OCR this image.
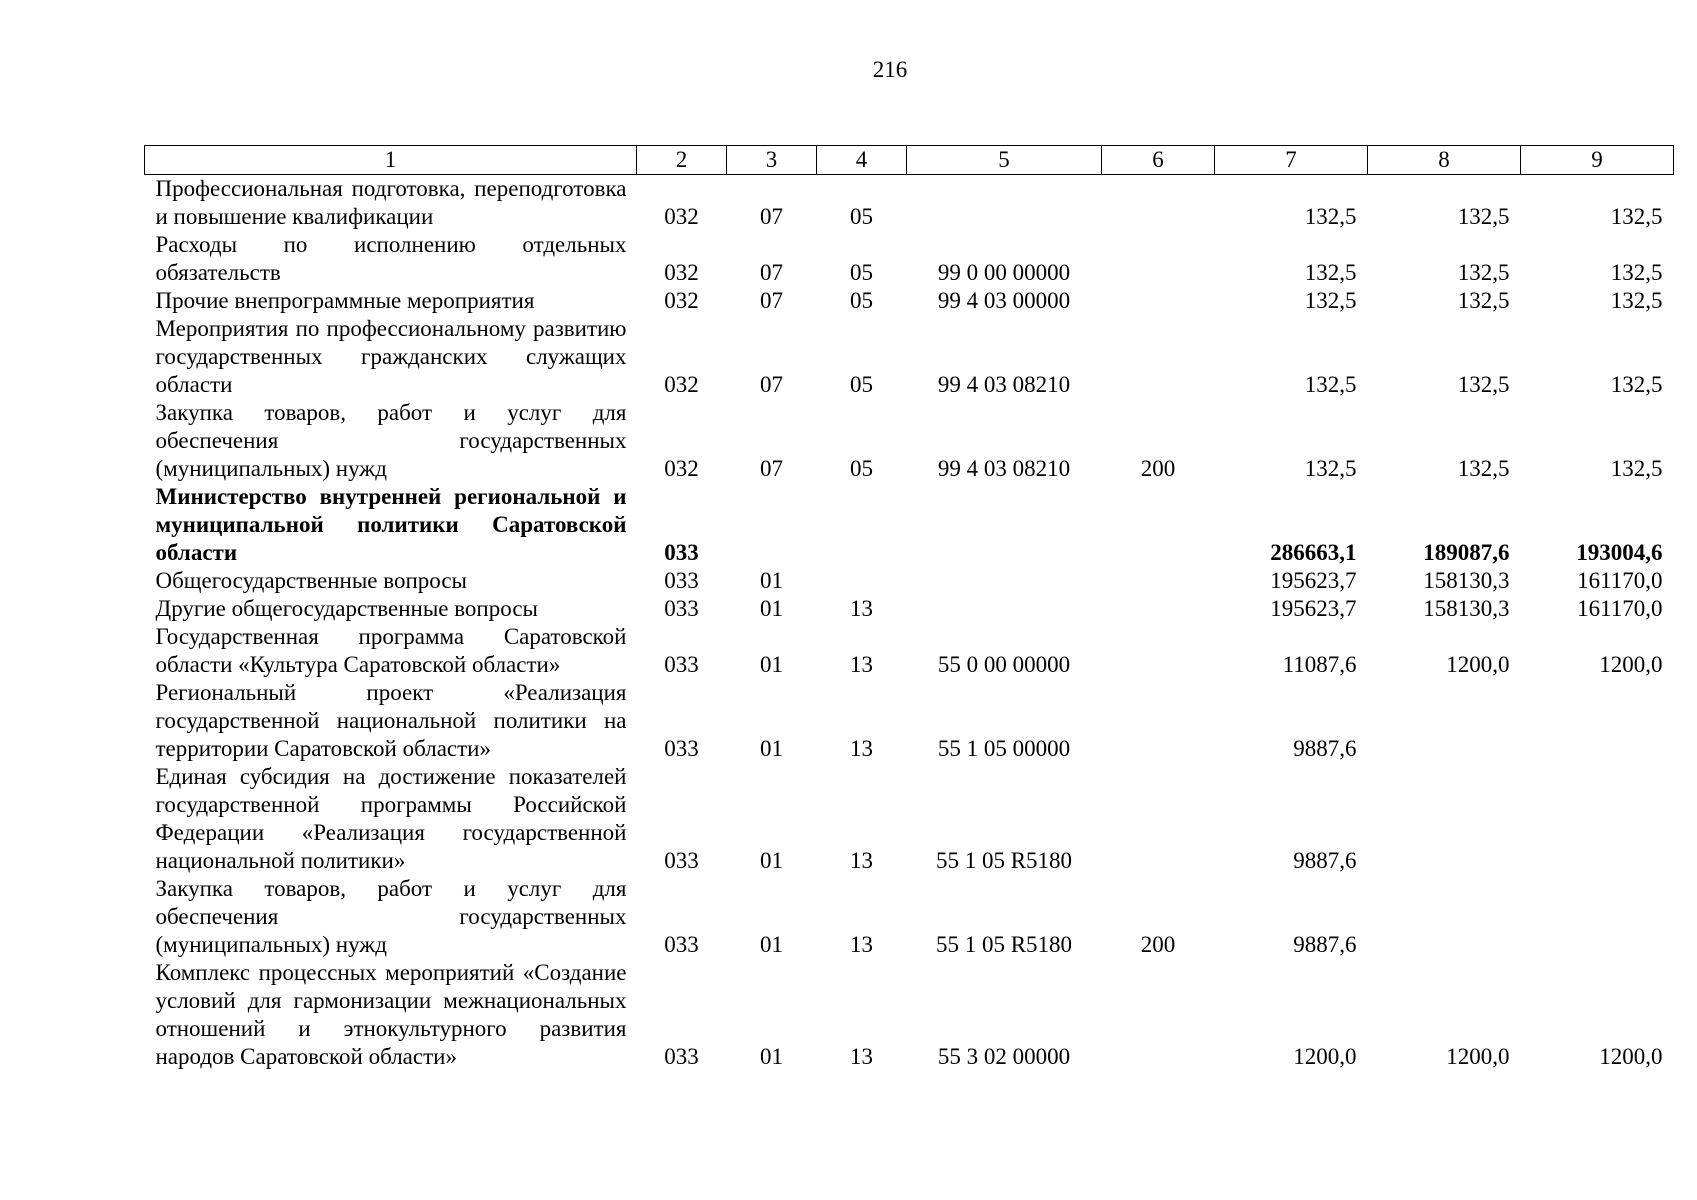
216
1	2	3	4	5	6	7	8	9
Профессиональная подготовка, переподготовка и повышение квалификации	032	07	05			132,5	132,5	132,5
Расходы по исполнению отдельных обязательств	032	07	05	99 0 00 00000		132,5	132,5	132,5
Прочие внепрограммные мероприятия	032	07	05	99 4 03 00000		132,5	132,5	132,5
Мероприятия по профессиональному развитию государственных гражданских служащих области	032	07	05	99 4 03 08210		132,5	132,5	132,5
Закупка товаров, работ и услуг для обеспечения государственных (муниципальных) нужд	032	07	05	99 4 03 08210	200	132,5	132,5	132,5
Министерство внутренней региональной и муниципальной политики Саратовской области	033					286663,1	189087,6	193004,6
Общегосударственные вопросы	033	01				195623,7	158130,3	161170,0
Другие общегосударственные вопросы	033	01	13			195623,7	158130,3	161170,0
Государственная программа Саратовской области «Культура Саратовской области»	033	01	13	55 0 00 00000		11087,6	1200,0	1200,0
Региональный проект «Реализация государственной национальной политики на территории Саратовской области»	033	01	13	55 1 05 00000		9887,6		
Единая субсидия на достижение показателей государственной программы Российской Федерации «Реализация государственной национальной политики»	033	01	13	55 1 05 R5180		9887,6		
Закупка товаров, работ и услуг для обеспечения государственных (муниципальных) нужд	033	01	13	55 1 05 R5180	200	9887,6		
Комплекс процессных мероприятий «Создание условий для гармонизации межнациональных отношений и этнокультурного развития народов Саратовской области»	033	01	13	55 3 02 00000		1200,0	1200,0	1200,0
